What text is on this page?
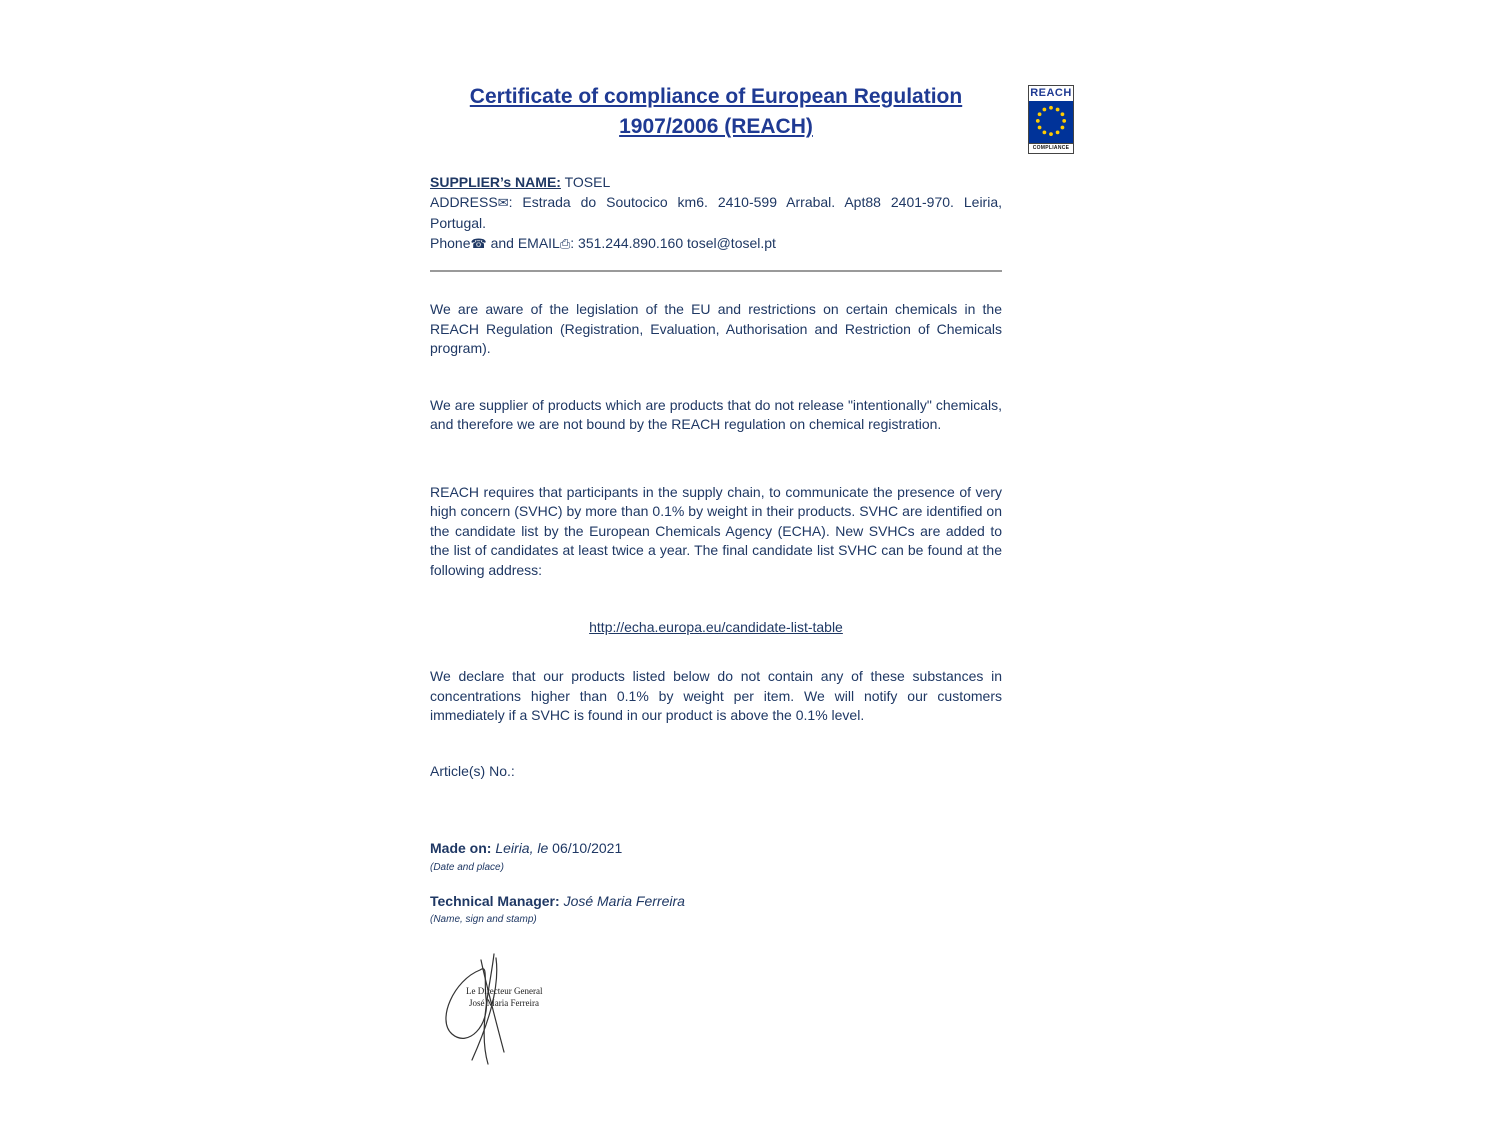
REACH
COMPLIANCE
Certificate of compliance of European Regulation
1907/2006 (REACH)

SUPPLIER’s NAME: TOSEL

ADDRESS✉: Estrada do Soutocico km6. 2410-599 Arrabal. Apt88 2401-970. Leiria, Portugal.

Phone☎ and EMAIL⎙: 351.244.890.160 tosel@tosel.pt

We are aware of the legislation of the EU and restrictions on certain chemicals in the REACH Regulation (Registration, Evaluation, Authorisation and Restriction of Chemicals program).

We are supplier of products which are products that do not release "intentionally" chemicals, and therefore we are not bound by the REACH regulation on chemical registration.

REACH requires that participants in the supply chain, to communicate the presence of very high concern (SVHC) by more than 0.1% by weight in their products. SVHC are identified on the candidate list by the European Chemicals Agency (ECHA). New SVHCs are added to the list of candidates at least twice a year. The final candidate list SVHC can be found at the following address:

http://echa.europa.eu/candidate-list-table

We declare that our products listed below do not contain any of these substances in concentrations higher than 0.1% by weight per item. We will notify our customers immediately if a SVHC is found in our product is above the 0.1% level.

Article(s) No.:

Made on: Leiria, le 06/10/2021

(Date and place)

Technical Manager: José Maria Ferreira

(Name, sign and stamp)

Le Directeur General
José Maria Ferreira
